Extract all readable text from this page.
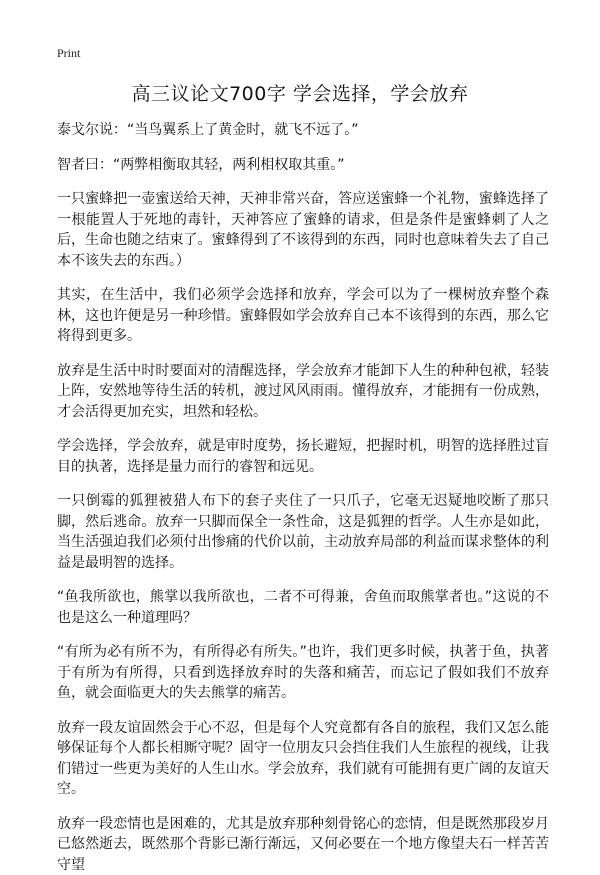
Print
高三议论文700字 学会选择，学会放弃

泰戈尔说：“当鸟翼系上了黄金时，就飞不远了。”

智者曰：“两弊相衡取其轻，两利相权取其重。”

一只蜜蜂把一壶蜜送给天神，天神非常兴奋，答应送蜜蜂一个礼物，蜜蜂选择了一根能置人于死地的毒针，天神答应了蜜蜂的请求，但是条件是蜜蜂刺了人之后，生命也随之结束了。蜜蜂得到了不该得到的东西，同时也意味着失去了自己本不该失去的东西。）

其实，在生活中，我们必须学会选择和放弃，学会可以为了一棵树放弃整个森林，这也许便是另一种珍惜。蜜蜂假如学会放弃自己本不该得到的东西，那么它将得到更多。

放弃是生活中时时要面对的清醒选择，学会放弃才能卸下人生的种种包袱，轻装上阵，安然地等待生活的转机，渡过风风雨雨。懂得放弃，才能拥有一份成熟，才会活得更加充实，坦然和轻松。

学会选择，学会放弃，就是审时度势，扬长避短，把握时机，明智的选择胜过盲目的执著，选择是量力而行的睿智和远见。

一只倒霉的狐狸被猎人布下的套子夹住了一只爪子，它毫无迟疑地咬断了那只脚，然后逃命。放弃一只脚而保全一条性命，这是狐狸的哲学。人生亦是如此，当生活强迫我们必须付出惨痛的代价以前，主动放弃局部的利益而谋求整体的利益是最明智的选择。

“鱼我所欲也，熊掌以我所欲也，二者不可得兼，舍鱼而取熊掌者也。”这说的不也是这么一种道理吗？

“有所为必有所不为，有所得必有所失。”也许，我们更多时候，执著于鱼，执著于有所为有所得，只看到选择放弃时的失落和痛苦，而忘记了假如我们不放弃鱼，就会面临更大的失去熊掌的痛苦。

放弃一段友谊固然会于心不忍，但是每个人究竟都有各自的旅程，我们又怎么能够保证每个人都长相厮守呢？固守一位朋友只会挡住我们人生旅程的视线，让我们错过一些更为美好的人生山水。学会放弃，我们就有可能拥有更广阔的友谊天空。

放弃一段恋情也是困难的，尤其是放弃那种刻骨铭心的恋情，但是既然那段岁月已悠然逝去，既然那个背影已渐行渐远，又何必要在一个地方像望夫石一样苦苦守望
